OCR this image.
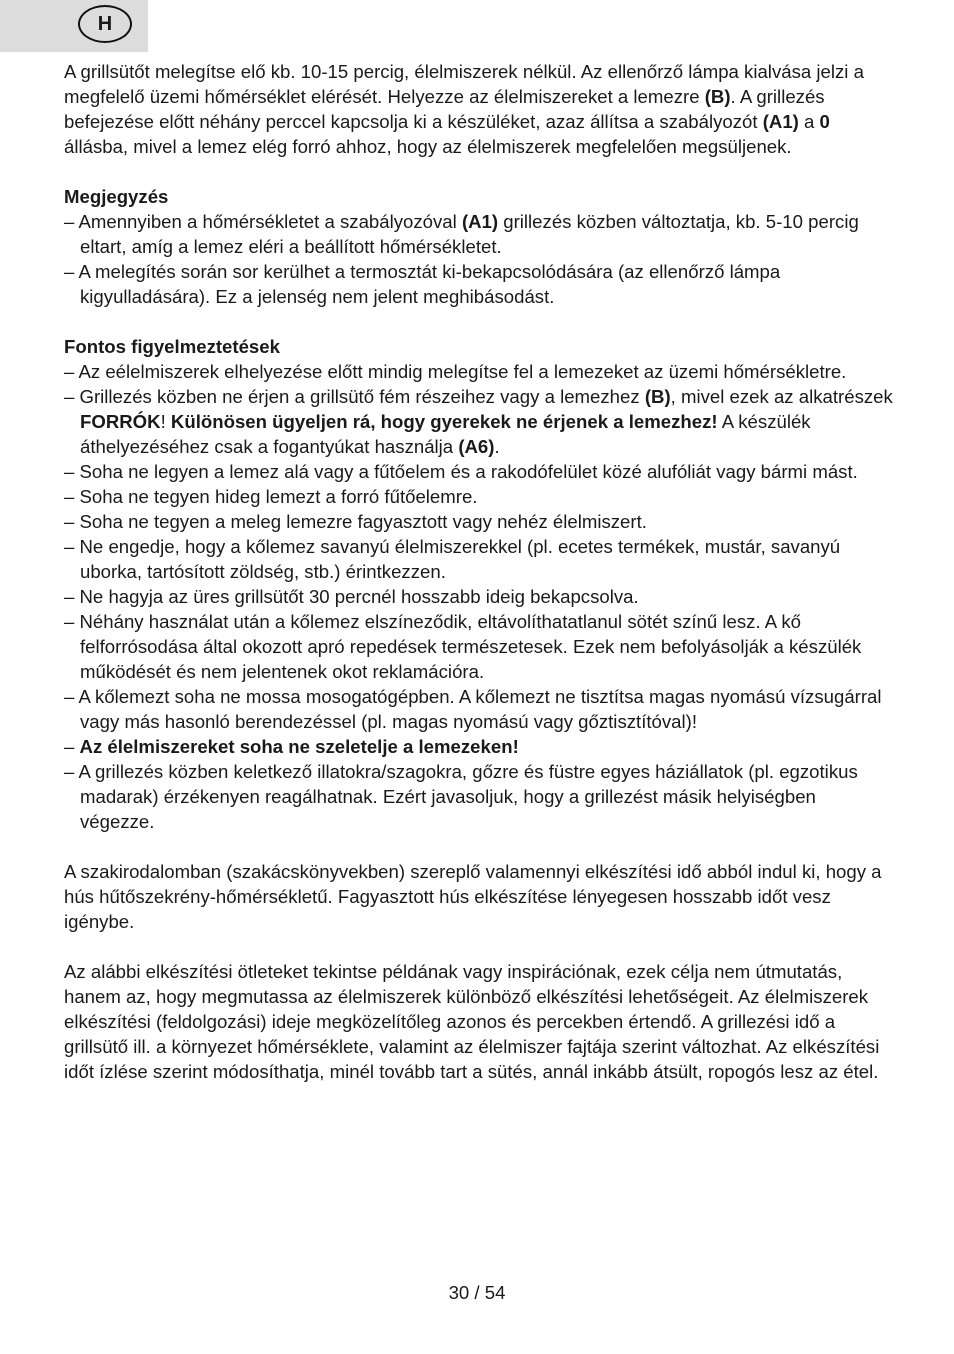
H

A grillsütőt melegítse elő kb. 10-15 percig, élelmiszerek nélkül. Az ellenőrző lámpa kialvása jelzi a megfelelő üzemi hőmérséklet elérését. Helyezze az élelmiszereket a lemezre (B). A grillezés befejezése előtt néhány perccel kapcsolja ki a készüléket, azaz állítsa a szabályozót (A1) a 0 állásba, mivel a lemez elég forró ahhoz, hogy az élelmiszerek megfelelően megsüljenek.

Megjegyzés

– Amennyiben a hőmérsékletet a szabályozóval (A1) grillezés közben változtatja, kb. 5-10 percig eltart, amíg a lemez eléri a beállított hőmérsékletet.

– A melegítés során sor kerülhet a termosztát ki-bekapcsolódására (az ellenőrző lámpa kigyulladására). Ez a jelenség nem jelent meghibásodást.

Fontos figyelmeztetések

– Az eélelmiszerek elhelyezése előtt mindig melegítse fel a lemezeket az üzemi hőmérsékletre.

– Grillezés közben ne érjen a grillsütő fém részeihez vagy a lemezhez (B), mivel ezek az alkatrészek FORRÓK! Különösen ügyeljen rá, hogy gyerekek ne érjenek a lemezhez! A készülék áthelyezéséhez csak a fogantyúkat használja (A6).

– Soha ne legyen a lemez alá vagy a fűtőelem és a rakodófelület közé alufóliát vagy bármi mást.

– Soha ne tegyen hideg lemezt a forró fűtőelemre.

– Soha ne tegyen a meleg lemezre fagyasztott vagy nehéz élelmiszert.

– Ne engedje, hogy a kőlemez savanyú élelmiszerekkel (pl. ecetes termékek, mustár, savanyú uborka, tartósított zöldség, stb.) érintkezzen.

– Ne hagyja az üres grillsütőt 30 percnél hosszabb ideig bekapcsolva.

– Néhány használat után a kőlemez elszíneződik, eltávolíthatatlanul sötét színű lesz. A kő felforrósodása által okozott apró repedések természetesek. Ezek nem befolyásolják a készülék működését és nem jelentenek okot reklamációra.

– A kőlemezt soha ne mossa mosogatógépben. A kőlemezt ne tisztítsa magas nyomású vízsugárral vagy más hasonló berendezéssel (pl. magas nyomású vagy gőztisztítóval)!

– Az élelmiszereket soha ne szeletelje a lemezeken!

– A grillezés közben keletkező illatokra/szagokra, gőzre és füstre egyes háziállatok (pl. egzotikus madarak) érzékenyen reagálhatnak. Ezért javasoljuk, hogy a grillezést másik helyiségben végezze.

A szakirodalomban (szakácskönyvekben) szereplő valamennyi elkészítési idő abból indul ki, hogy a hús hűtőszekrény-hőmérsékletű. Fagyasztott hús elkészítése lényegesen hosszabb időt vesz igénybe.

Az alábbi elkészítési ötleteket tekintse példának vagy inspirációnak, ezek célja nem útmutatás, hanem az, hogy megmutassa az élelmiszerek különböző elkészítési lehetőségeit. Az élelmiszerek elkészítési (feldolgozási) ideje megközelítőleg azonos és percekben értendő. A grillezési idő a grillsütő ill. a környezet hőmérséklete, valamint az élelmiszer fajtája szerint változhat. Az elkészítési időt ízlése szerint módosíthatja, minél tovább tart a sütés, annál inkább átsült, ropogós lesz az étel.

30 / 54
